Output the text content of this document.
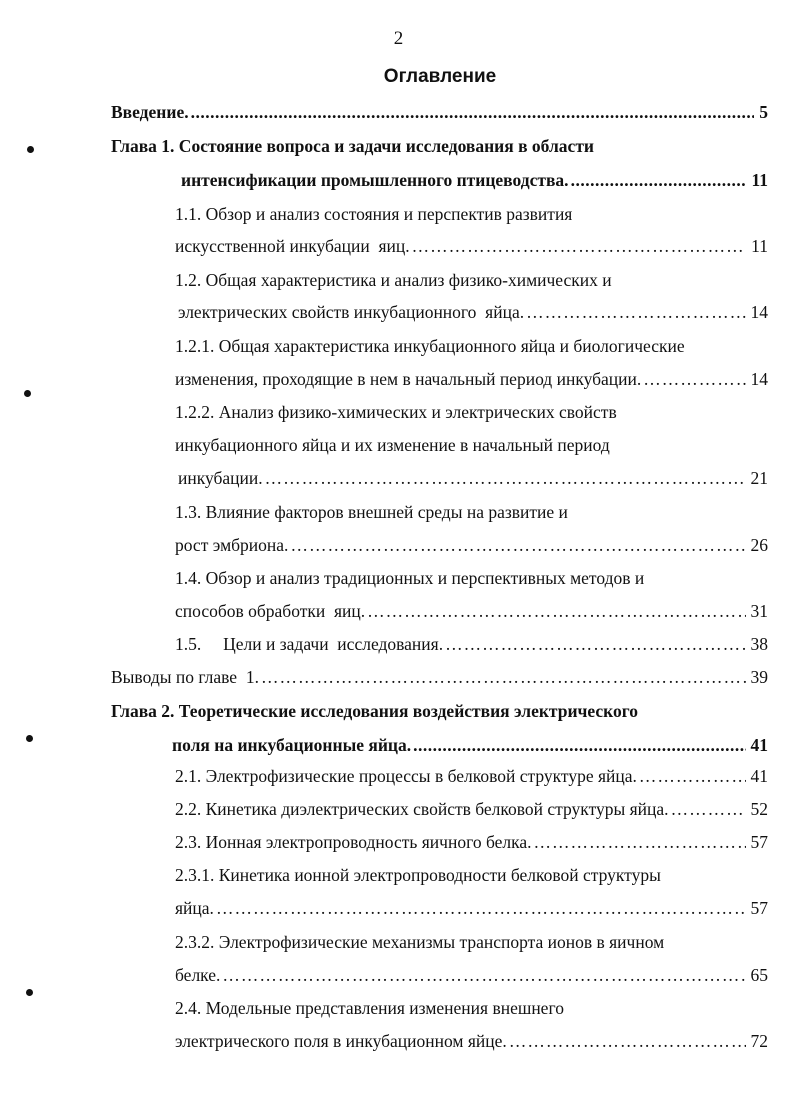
2
Оглавление
Введение. .....	5
Глава 1. Состояние вопроса и задачи исследования в области
интенсификации промышленного птицеводства. .....	11
1.1. Обзор и анализ состояния и перспектив развития
искусственной инкубации  яиц. ………………………………………………………………………………………………………………………………………………………………	11
1.2. Общая характеристика и анализ физико-химических и
электрических свойств инкубационного  яйца. ………………………………………………………………………………………………………………………………………………………………	14
1.2.1. Общая характеристика инкубационного яйца и биологические
изменения, проходящие в нем в начальный период инкубации. ………………………………………………………………………………………………………………………………………………………………	14
1.2.2. Анализ физико-химических и электрических свойств
инкубационного яйца и их изменение в начальный период
инкубации. ………………………………………………………………………………………………………………………………………………………………	21
1.3. Влияние факторов внешней среды на развитие и
рост эмбриона. ………………………………………………………………………………………………………………………………………………………………	26
1.4. Обзор и анализ традиционных и перспективных методов и
способов обработки  яиц. ………………………………………………………………………………………………………………………………………………………………	31
1.5.     Цели и задачи  исследования. ………………………………………………………………………………………………………………………………………………………………	38
Выводы по главе  1. ………………………………………………………………………………………………………………………………………………………………	39
Глава 2. Теоретические исследования воздействия электрического
поля на инкубационные яйца. .....	41
2.1. Электрофизические процессы в белковой структуре яйца. ………………………………………………………………………………………………………………………………………………………………	41
2.2. Кинетика диэлектрических свойств белковой структуры яйца. ………………………………………………………………………………………………………………………………………………………………	52
2.3. Ионная электропроводность яичного белка. ………………………………………………………………………………………………………………………………………………………………	57
2.3.1. Кинетика ионной электропроводности белковой структуры
яйца. ………………………………………………………………………………………………………………………………………………………………	57
2.3.2. Электрофизические механизмы транспорта ионов в яичном
белке. ………………………………………………………………………………………………………………………………………………………………	65
2.4. Модельные представления изменения внешнего
электрического поля в инкубационном яйце. ………………………………………………………………………………………………………………………………………………………………	72
